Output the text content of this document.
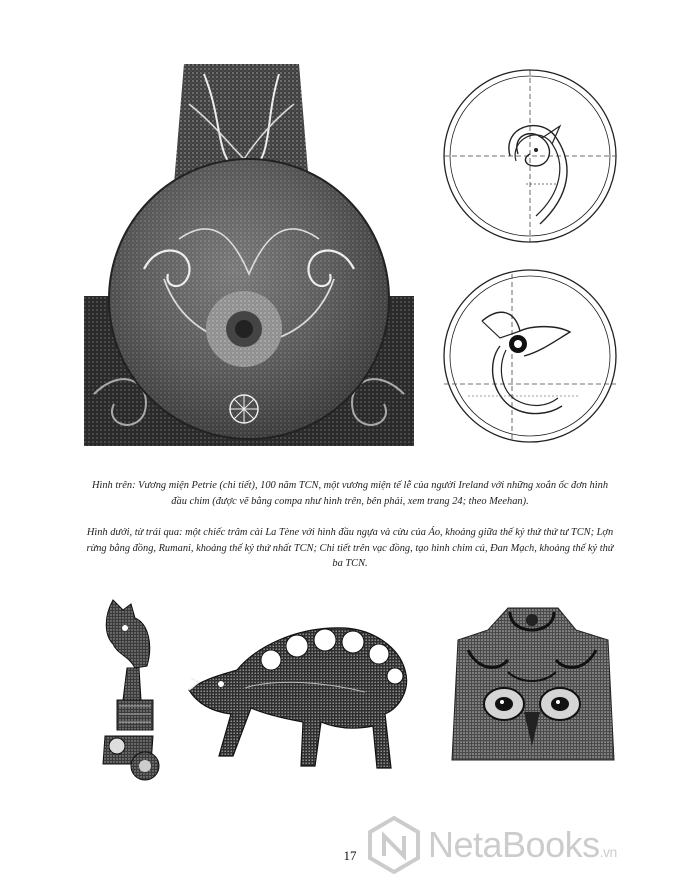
Hình trên: Vương miện Petrie (chi tiết), 100 năm TCN, một vương miện tế lễ của người Ireland với những xoắn ốc đơn hình đầu chim (được vẽ bằng compa như hình trên, bên phải, xem trang 24; theo Meehan).
Hình dưới, từ trái qua: một chiếc trâm cài La Tène với hình đầu ngựa và cừu của Áo, khoảng giữa thế kỷ thứ thứ tư TCN; Lợn rừng bằng đồng, Rumani, khoảng thế kỷ thứ nhất TCN; Chi tiết trên vạc đồng, tạo hình chim cú, Đan Mạch, khoảng thế kỷ thứ ba TCN.
17	NetaBooks.vn
